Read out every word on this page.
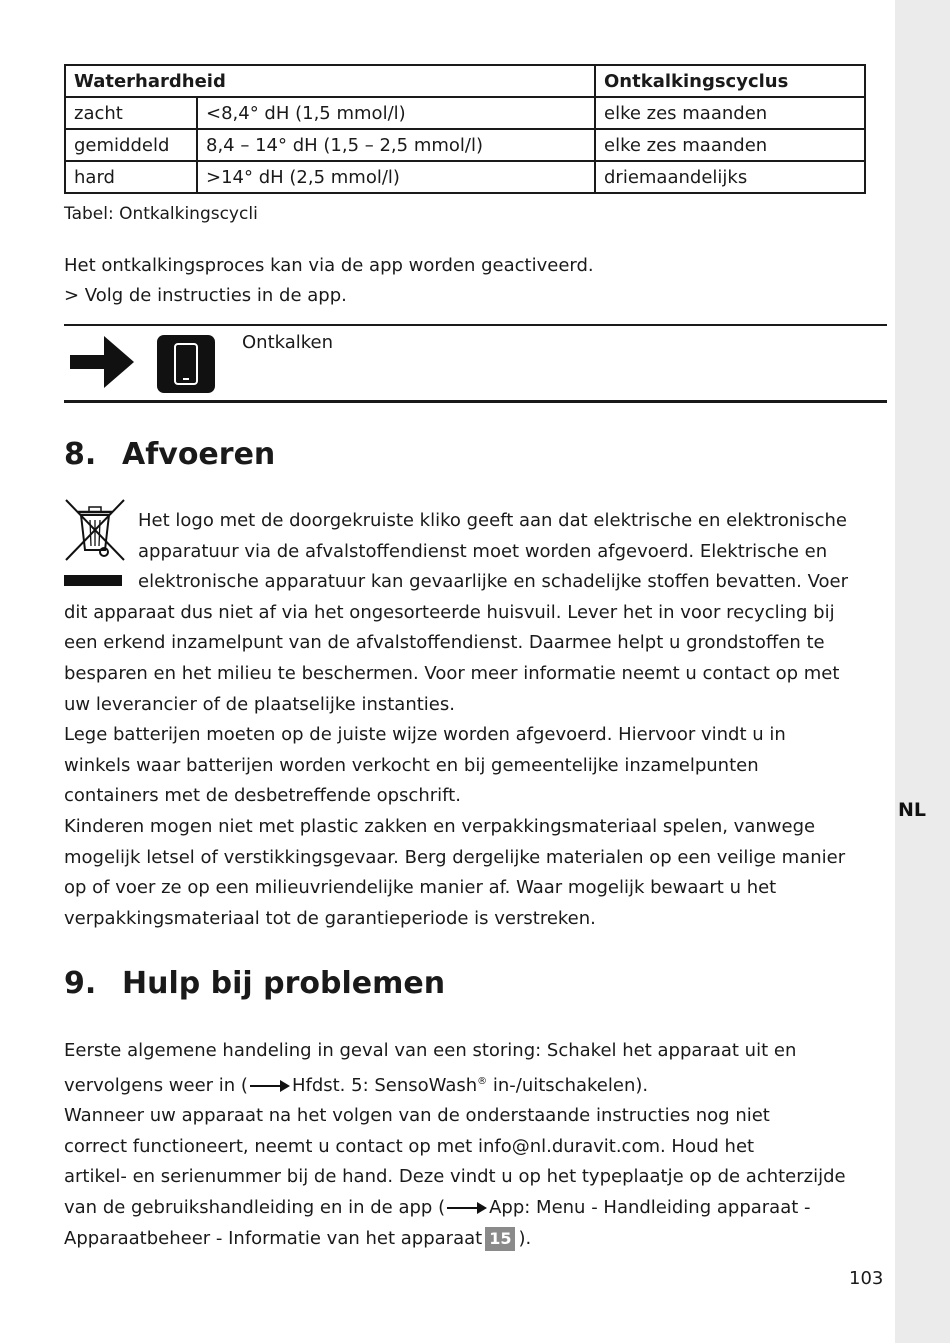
NL
Waterhardheid		Ontkalkingscyclus
zacht	<8,4° dH (1,5 mmol/l)	elke zes maanden
gemiddeld	8,4 – 14° dH (1,5 – 2,5 mmol/l)	elke zes maanden
hard	>14° dH (2,5 mmol/l)	driemaandelijks
Tabel: Ontkalkingscycli
Het ontkalkingsproces kan via de app worden geactiveerd.
> Volg de instructies in de app.
Ontkalken
8. Afvoeren
Het logo met de doorgekruiste kliko geeft aan dat elektrische en elektronische
apparatuur via de afvalstoffendienst moet worden afgevoerd. Elektrische en
elektronische apparatuur kan gevaarlijke en schadelijke stoffen bevatten. Voer
dit apparaat dus niet af via het ongesorteerde huisvuil. Lever het in voor recycling bij
een erkend inzamelpunt van de afvalstoffendienst. Daarmee helpt u grondstoffen te
besparen en het milieu te beschermen. Voor meer informatie neemt u contact op met
uw leverancier of de plaatselijke instanties.
Lege batterijen moeten op de juiste wijze worden afgevoerd. Hiervoor vindt u in
winkels waar batterijen worden verkocht en bij gemeentelijke inzamelpunten
containers met de desbetreffende opschrift.
Kinderen mogen niet met plastic zakken en verpakkingsmateriaal spelen, vanwege
mogelijk letsel of verstikkingsgevaar. Berg dergelijke materialen op een veilige manier
op of voer ze op een milieuvriendelijke manier af. Waar mogelijk bewaart u het
verpakkingsmateriaal tot de garantieperiode is verstreken.
9. Hulp bij problemen
Eerste algemene handeling in geval van een storing: Schakel het apparaat uit en
vervolgens weer in ( Hfdst. 5: SensoWash® in-/uitschakelen).
Wanneer uw apparaat na het volgen van de onderstaande instructies nog niet
correct functioneert, neemt u contact op met info@nl.duravit.com. Houd het
artikel- en serienummer bij de hand. Deze vindt u op het typeplaatje op de achterzijde
van de gebruikshandleiding en in de app ( App: Menu - Handleiding apparaat -
Apparaatbeheer - Informatie van het apparaat 15 ).
103
